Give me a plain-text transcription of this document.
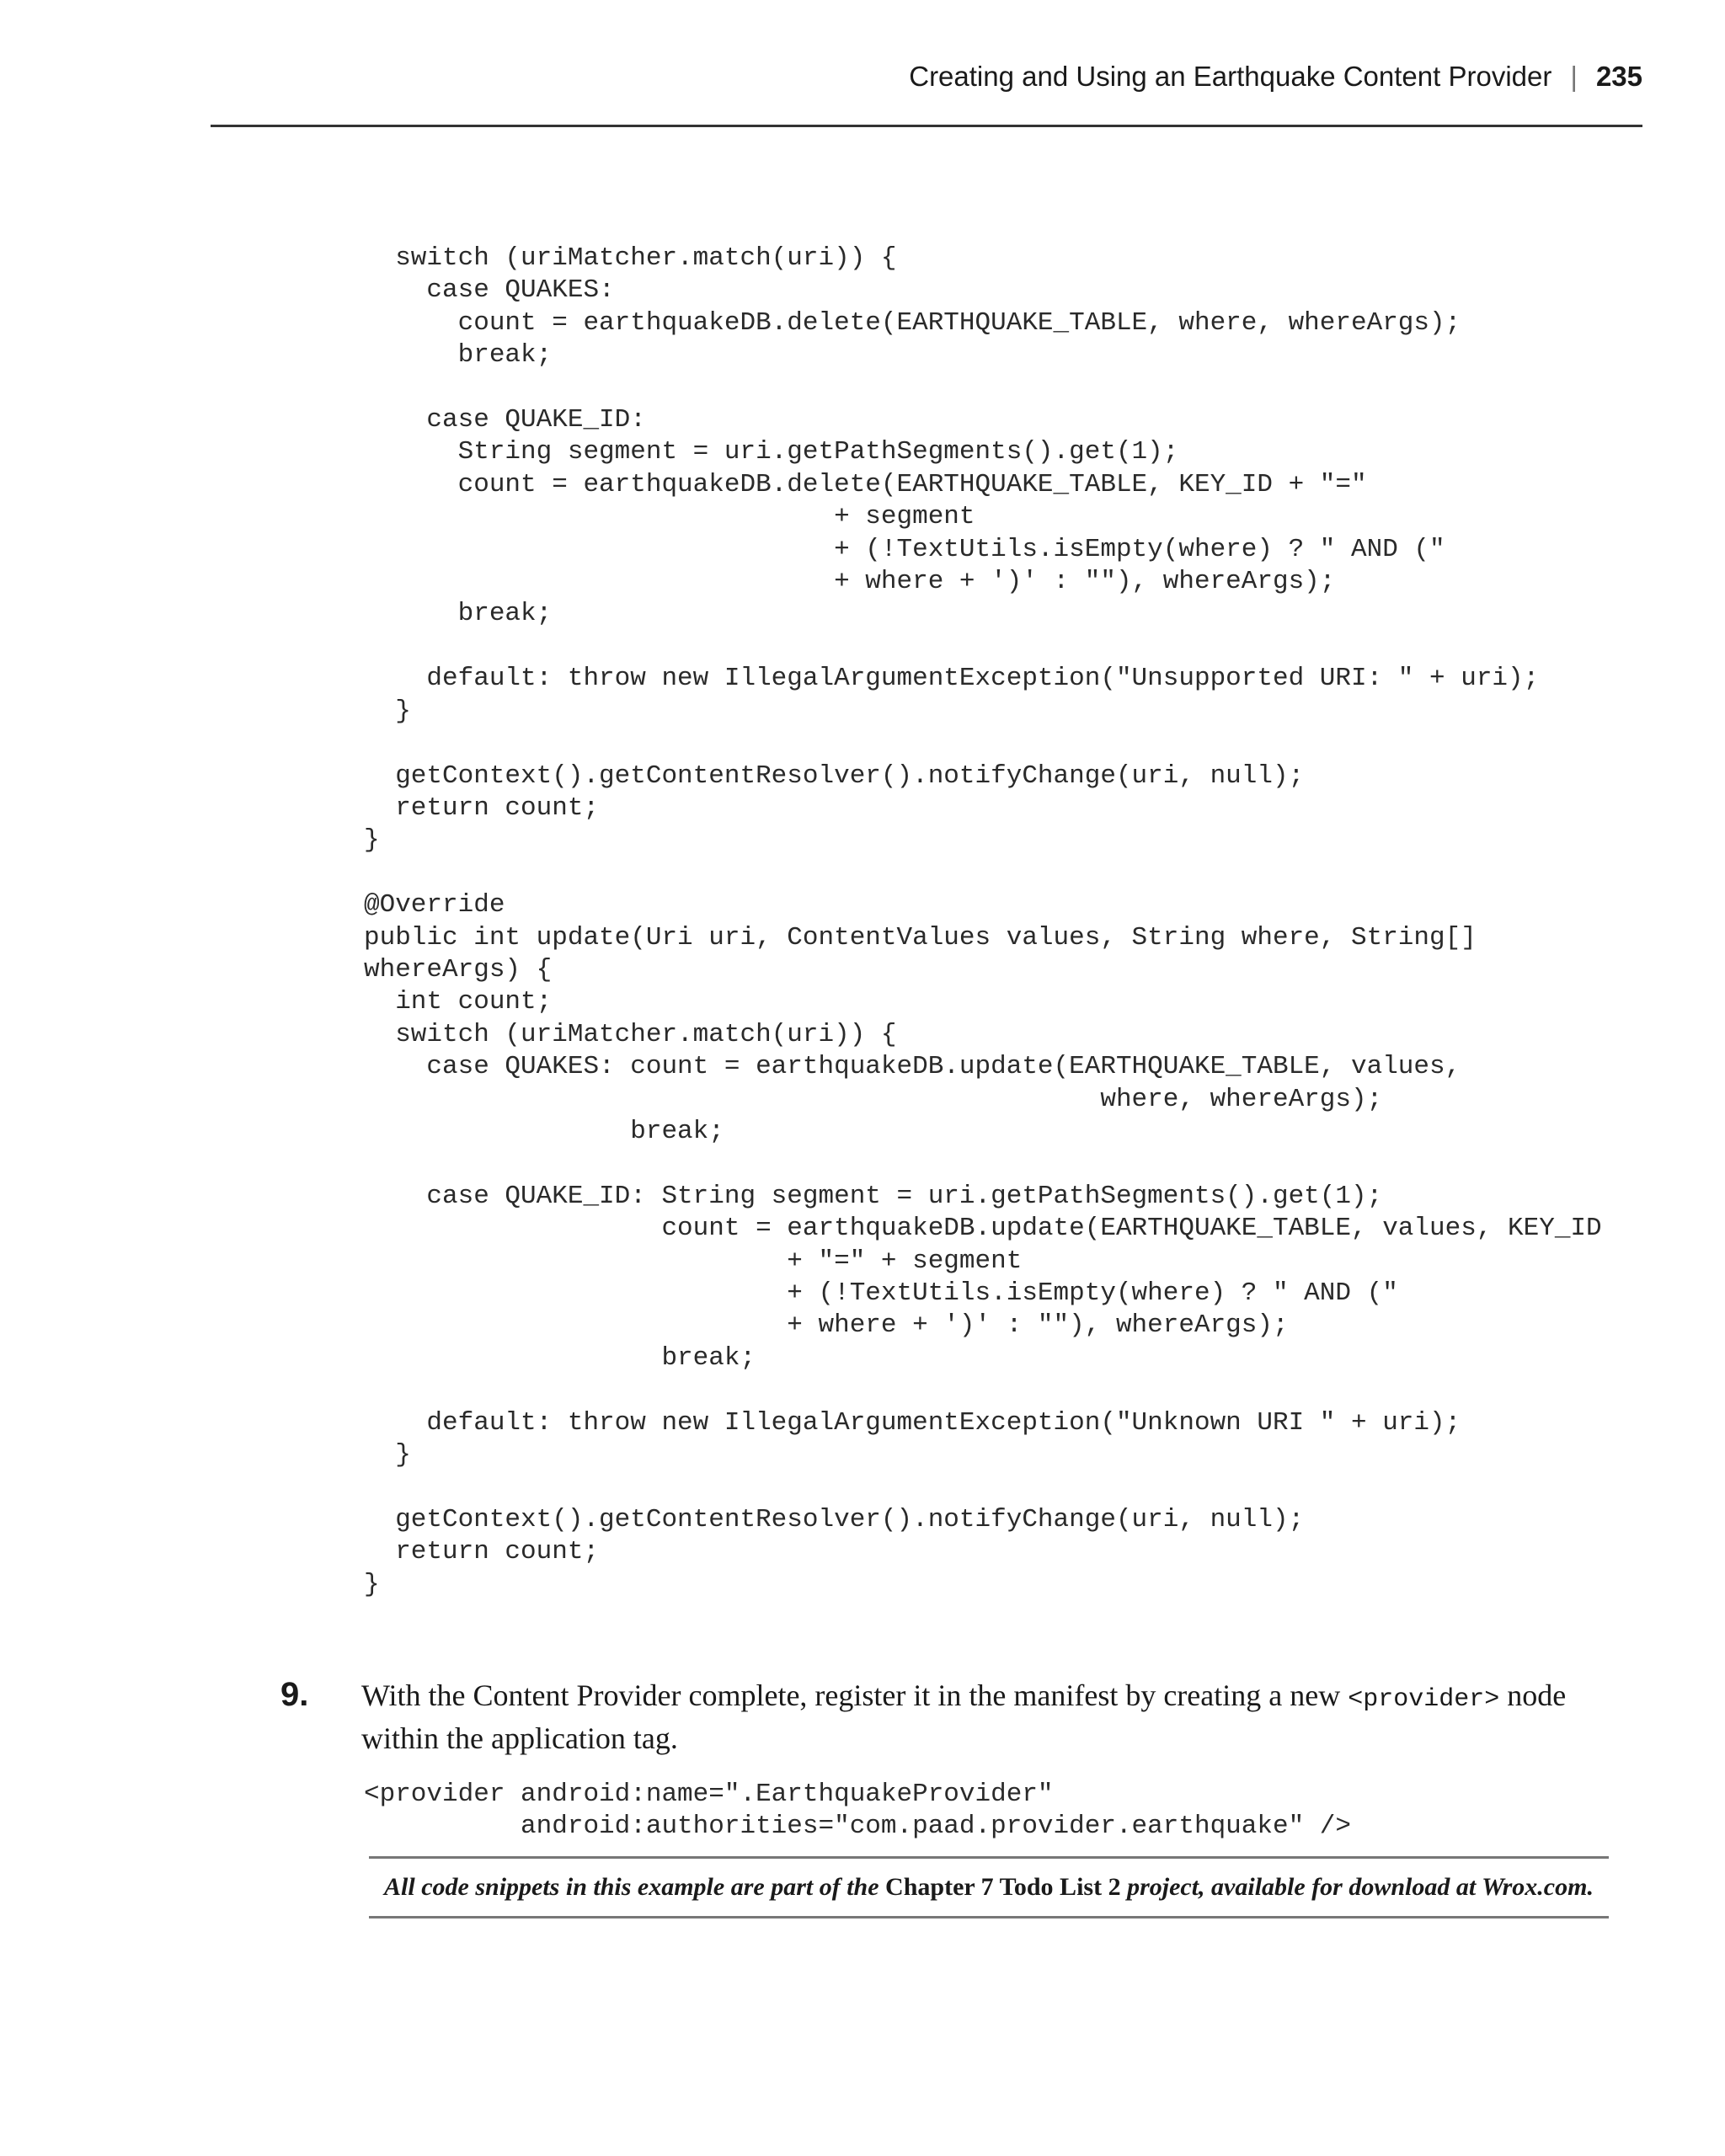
Creating and Using an Earthquake Content Provider | 235
switch (uriMatcher.match(uri)) {
case QUAKES:
count = earthquakeDB.delete(EARTHQUAKE_TABLE, where, whereArgs);
break;

case QUAKE_ID:
String segment = uri.getPathSegments().get(1);
count = earthquakeDB.delete(EARTHQUAKE_TABLE, KEY_ID + "="
+ segment
+ (!TextUtils.isEmpty(where) ? " AND ("
+ where + ')' : ""), whereArgs);
break;

default: throw new IllegalArgumentException("Unsupported URI: " + uri);
}

getContext().getContentResolver().notifyChange(uri, null);
return count;
}

@Override
public int update(Uri uri, ContentValues values, String where, String[]
whereArgs) {
int count;
switch (uriMatcher.match(uri)) {
case QUAKES: count = earthquakeDB.update(EARTHQUAKE_TABLE, values,
where, whereArgs);
break;

case QUAKE_ID: String segment = uri.getPathSegments().get(1);
count = earthquakeDB.update(EARTHQUAKE_TABLE, values, KEY_ID
+ "=" + segment
+ (!TextUtils.isEmpty(where) ? " AND ("
+ where + ')' : ""), whereArgs);
break;

default: throw new IllegalArgumentException("Unknown URI " + uri);
}

getContext().getContentResolver().notifyChange(uri, null);
return count;
}
9. With the Content Provider complete, register it in the manifest by creating a new <provider> node within the application tag.
<provider android:name=".EarthquakeProvider"
android:authorities="com.paad.provider.earthquake" />
All code snippets in this example are part of the Chapter 7 Todo List 2 project, available for download at Wrox.com.
